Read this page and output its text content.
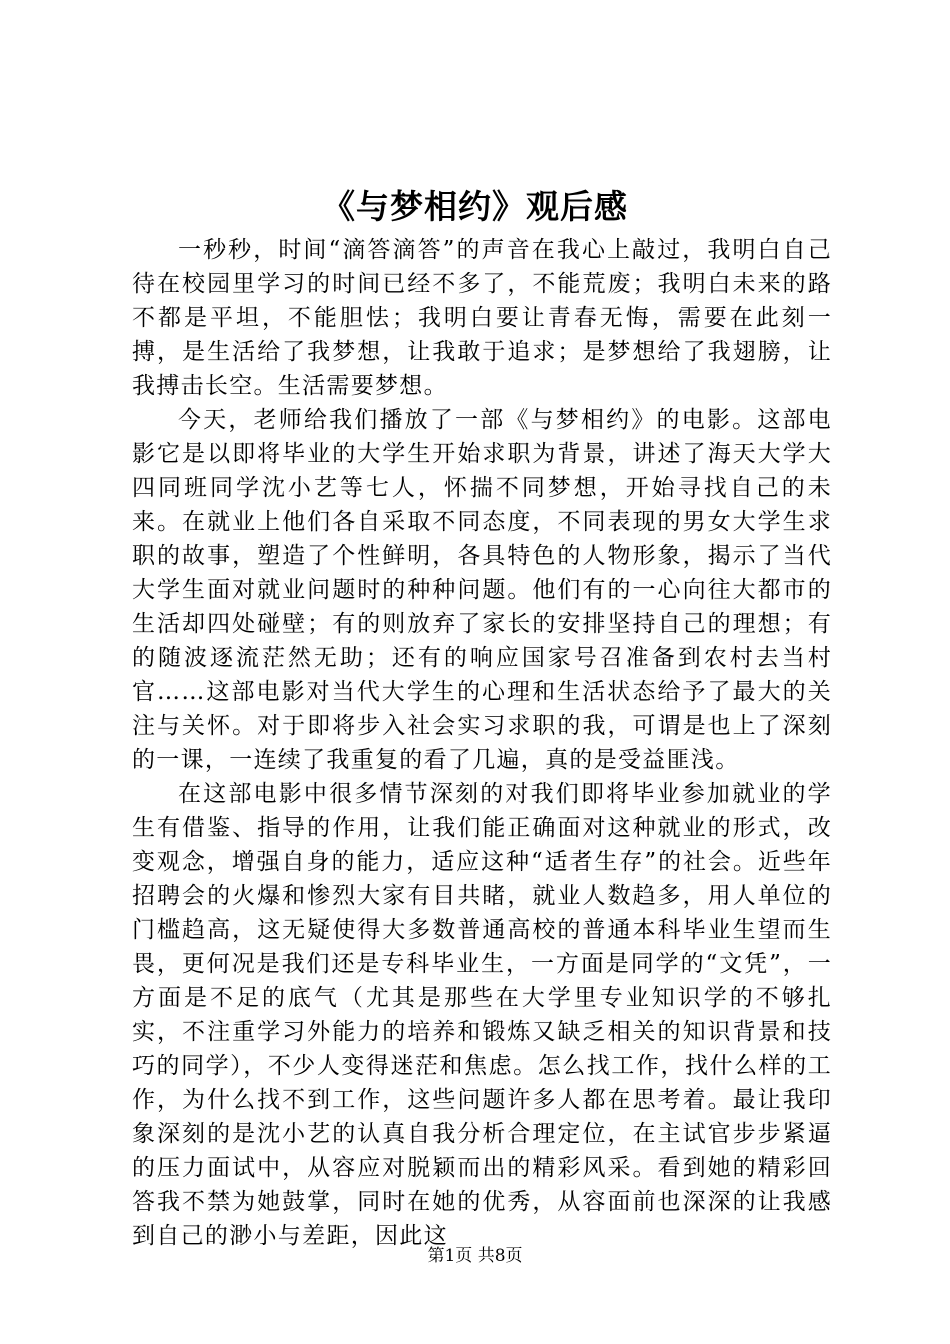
《与梦相约》观后感

一秒秒，时间“滴答滴答”的声音在我心上敲过，我明白自己待在校园里学习的时间已经不多了，不能荒废；我明白未来的路不都是平坦，不能胆怯；我明白要让青春无悔，需要在此刻一搏，是生活给了我梦想，让我敢于追求；是梦想给了我翅膀，让我搏击长空。生活需要梦想。

今天，老师给我们播放了一部《与梦相约》的电影。这部电影它是以即将毕业的大学生开始求职为背景，讲述了海天大学大四同班同学沈小艺等七人，怀揣不同梦想，开始寻找自己的未来。在就业上他们各自采取不同态度，不同表现的男女大学生求职的故事，塑造了个性鲜明，各具特色的人物形象，揭示了当代大学生面对就业问题时的种种问题。他们有的一心向往大都市的生活却四处碰壁；有的则放弃了家长的安排坚持自己的理想；有的随波逐流茫然无助；还有的响应国家号召准备到农村去当村官……这部电影对当代大学生的心理和生活状态给予了最大的关注与关怀。对于即将步入社会实习求职的我，可谓是也上了深刻的一课，一连续了我重复的看了几遍，真的是受益匪浅。

在这部电影中很多情节深刻的对我们即将毕业参加就业的学生有借鉴、指导的作用，让我们能正确面对这种就业的形式，改变观念，增强自身的能力，适应这种“适者生存”的社会。近些年招聘会的火爆和惨烈大家有目共睹，就业人数趋多，用人单位的门槛趋高，这无疑使得大多数普通高校的普通本科毕业生望而生畏，更何况是我们还是专科毕业生，一方面是同学的“文凭”，一方面是不足的底气（尤其是那些在大学里专业知识学的不够扎实，不注重学习外能力的培养和锻炼又缺乏相关的知识背景和技巧的同学），不少人变得迷茫和焦虑。怎么找工作，找什么样的工作，为什么找不到工作，这些问题许多人都在思考着。最让我印象深刻的是沈小艺的认真自我分析合理定位，在主试官步步紧逼的压力面试中，从容应对脱颖而出的精彩风采。看到她的精彩回答我不禁为她鼓掌，同时在她的优秀，从容面前也深深的让我感到自己的渺小与差距，因此这

第1页 共8页
